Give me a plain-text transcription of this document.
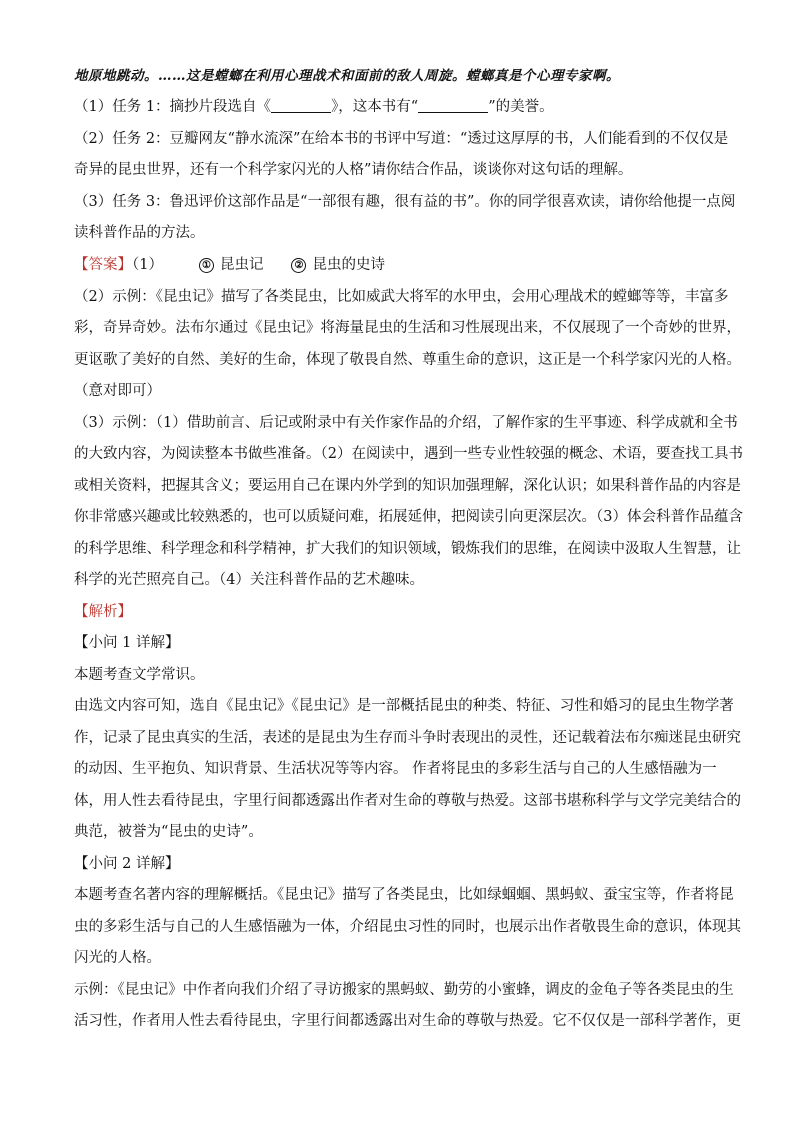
地原地跳动。……这是螳螂在利用心理战术和面前的敌人周旋。螳螂真是个心理专家啊。
（1）任务 1：摘抄片段选自《	》，这本书有“	”的美誉。
（2）任务 2：豆瓣网友“静水流深”在给本书的书评中写道：“透过这厚厚的书，人们能看到的不仅仅是
奇异的昆虫世界，还有一个科学家闪光的人格”请你结合作品，谈谈你对这句话的理解。
（3）任务 3：鲁迅评价这部作品是“一部很有趣，很有益的书”。你的同学很喜欢读，请你给他提一点阅
读科普作品的方法。
【答案】（1）	① 昆虫记	② 昆虫的史诗
（2）示例：《昆虫记》描写了各类昆虫，比如威武大将军的水甲虫，会用心理战术的螳螂等等，丰富多
彩，奇异奇妙。法布尔通过《昆虫记》将海量昆虫的生活和习性展现出来，不仅展现了一个奇妙的世界，
更讴歌了美好的自然、美好的生命，体现了敬畏自然、尊重生命的意识，这正是一个科学家闪光的人格。
（意对即可）
（3）示例：（1）借助前言、后记或附录中有关作家作品的介绍，了解作家的生平事迹、科学成就和全书
的大致内容，为阅读整本书做些准备。（2）在阅读中，遇到一些专业性较强的概念、术语，要查找工具书
或相关资料，把握其含义；要运用自己在课内外学到的知识加强理解，深化认识；如果科普作品的内容是
你非常感兴趣或比较熟悉的，也可以质疑问难，拓展延伸，把阅读引向更深层次。（3）体会科普作品蕴含
的科学思维、科学理念和科学精神，扩大我们的知识领域，锻炼我们的思维，在阅读中汲取人生智慧，让
科学的光芒照亮自己。（4）关注科普作品的艺术趣味。
【解析】
【小问 1 详解】
本题考查文学常识。
由选文内容可知，选自《昆虫记》《昆虫记》是一部概括昆虫的种类、特征、习性和婚习的昆虫生物学著
作，记录了昆虫真实的生活，表述的是昆虫为生存而斗争时表现出的灵性，还记载着法布尔痴迷昆虫研究
的动因、生平抱负、知识背景、生活状况等等内容。 作者将昆虫的多彩生活与自己的人生感悟融为一
体，用人性去看待昆虫，字里行间都透露出作者对生命的尊敬与热爱。这部书堪称科学与文学完美结合的
典范，被誉为“昆虫的史诗”。
【小问 2 详解】
本题考查名著内容的理解概括。《昆虫记》描写了各类昆虫，比如绿蝈蝈、黑蚂蚁、蚕宝宝等，作者将昆
虫的多彩生活与自己的人生感悟融为一体，介绍昆虫习性的同时，也展示出作者敬畏生命的意识，体现其
闪光的人格。
示例：《昆虫记》中作者向我们介绍了寻访搬家的黑蚂蚁、勤劳的小蜜蜂，调皮的金龟子等各类昆虫的生
活习性，作者用人性去看待昆虫，字里行间都透露出对生命的尊敬与热爱。它不仅仅是一部科学著作，更
